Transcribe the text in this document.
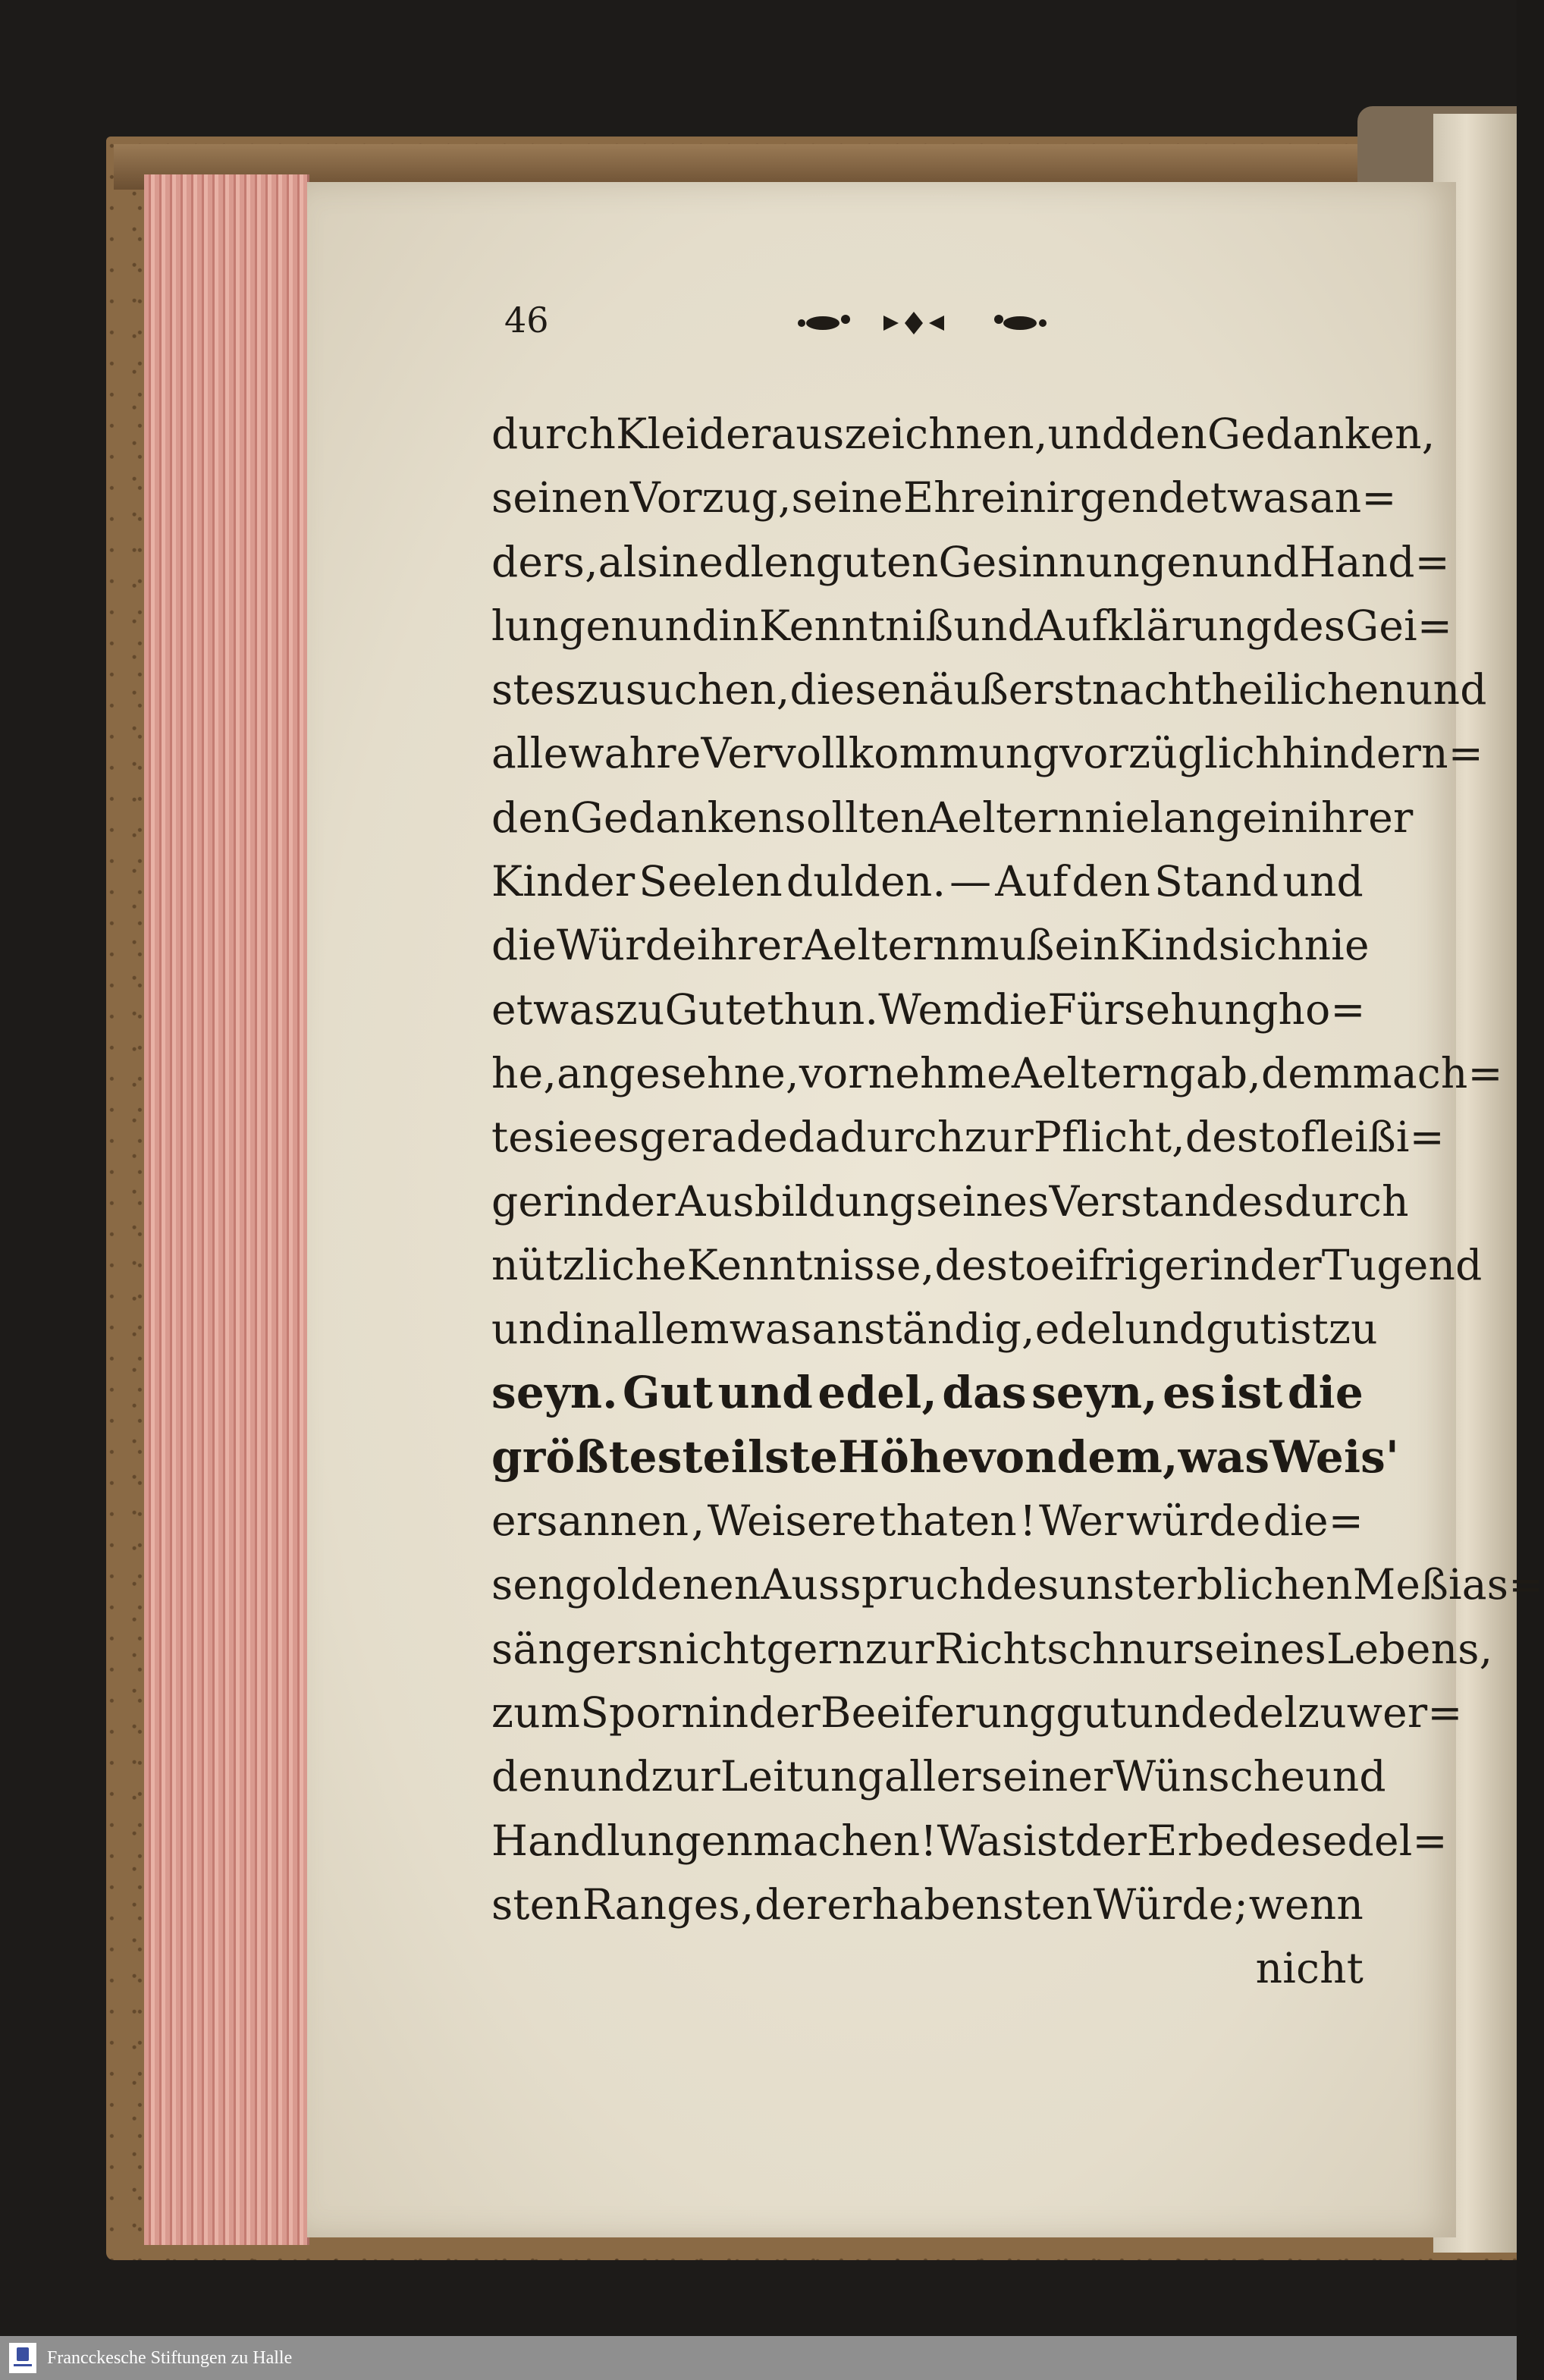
46
durch Kleider auszeichnen , und den Gedanken,
seinen Vorzug , seine Ehre in irgend etwas an=
ders, als in edlen guten Gesinnungen und Hand=
lungen und in Kenntniß und Aufklärung des Gei=
stes zu suchen , diesen äußerst nachtheilichen und
alle wahre Vervollkommung vorzüglich hindern=
den Gedanken sollten Aeltern nie lange in ihrer
Kinder Seelen dulden. — Auf den Stand und
die Würde ihrer Aeltern muß ein Kind sich nie
etwas zu Gute thun. Wem die Fürsehung ho=
he, angesehne, vornehme Aeltern gab, dem mach=
te sie es gerade dadurch zur Pflicht, desto fleißi=
ger in der Ausbildung seines Verstandes durch
nützliche Kenntnisse, desto eifriger in der Tugend
und in allem was anständig, edel und gut ist zu
seyn. Gut und edel, das seyn, es ist die
größte steilste Höhe von dem, was Weis'
ersannen , Weisere thaten ! Wer würde die=
sen goldenen Ausspruch des unsterblichen Meßias=
sängers nicht gern zur Richtschnur seines Lebens,
zum Sporn in der Beeiferung gut und edel zu wer=
den und zur Leitung aller seiner Wünsche und
Handlungen machen! Was ist der Erbe des edel=
sten Ranges , der erhabensten Würde ; wenn
nicht
Francckesche Stiftungen zu Halle
